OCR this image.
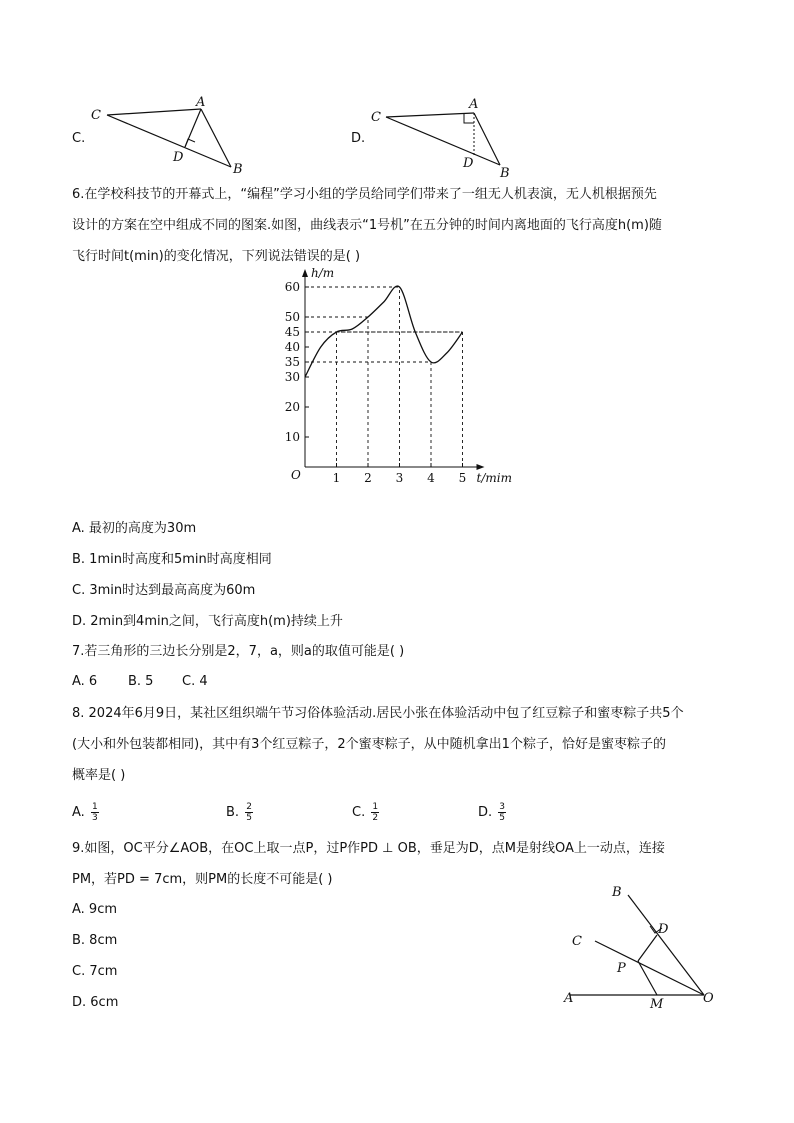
C.
C
A
D
B
D.
C
A
D
B
6.在学校科技节的开幕式上，“编程”学习小组的学员给同学们带来了一组无人机表演，无人机根据预先
设计的方案在空中组成不同的图案.如图，曲线表示“1号机”在五分钟的时间内离地面的飞行高度h(m)随
飞行时间t(min)的变化情况，下列说法错误的是( )
10
20
30
35
40
45
50
60
1 2 3 4 5
h/m
t/mim
O
A. 最初的高度为30m
B. 1min时高度和5min时高度相同
C. 3min时达到最高高度为60m
D. 2min到4min之间，飞行高度h(m)持续上升
7.若三角形的三边长分别是2，7，a，则a的取值可能是( )
A. 6 B. 5 C. 4
8. 2024年6月9日，某社区组织端午节习俗体验活动.居民小张在体验活动中包了红豆粽子和蜜枣粽子共5个
(大小和外包装都相同)，其中有3个红豆粽子，2个蜜枣粽子，从中随机拿出1个粽子，恰好是蜜枣粽子的
概率是( )
A. $\frac{1}{3}$	B. $\frac{2}{5}$	C. $\frac{1}{2}$	D. $\frac{3}{5}$
9.如图，OC平分∠AOB，在OC上取一点P，过P作PD ⊥ OB，垂足为D，点M是射线OA上一动点，连接
PM，若PD = 7cm，则PM的长度不可能是( )
A. 9cm
B. 8cm
C. 7cm
D. 6cm
B
D
C
P
A	M	O
